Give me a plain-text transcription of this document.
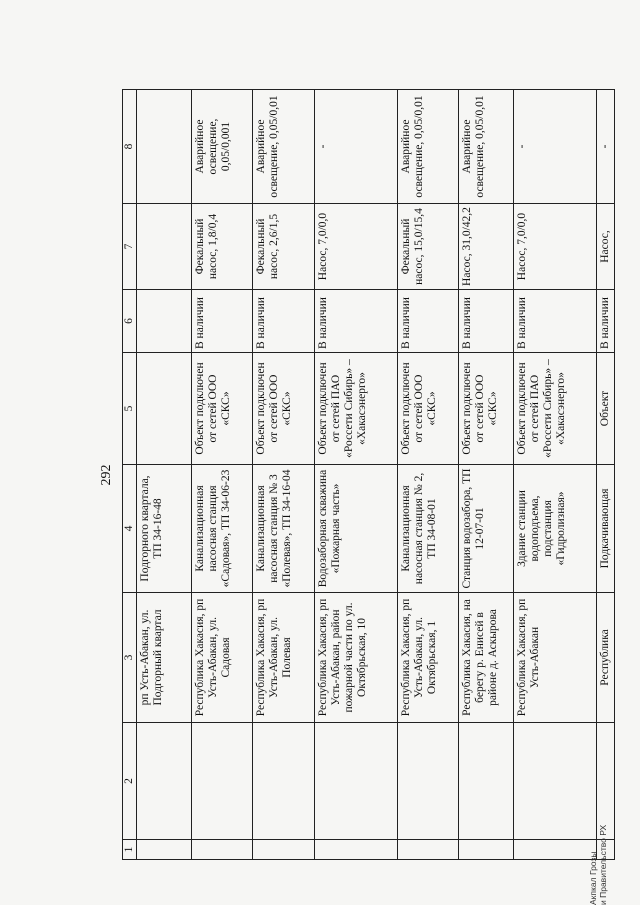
292
1	2	3	4	5	6	7	8
		рп Усть-Абакан, ул. Подгорный квартал	Подгорного квартала, ТП 34-16-48				
		Республика Хакасия, рп Усть-Абакан, ул. Садовая	Канализационная насосная станция «Садовая», ТП 34-06-23	Объект подключен от сетей ООО «СКС»	В наличии	Фекальный насос, 1,8/0,4	Аварийное освещение, 0,05/0,001
		Республика Хакасия, рп Усть-Абакан, ул. Полевая	Канализационная насосная станция № 3 «Полевая», ТП 34-16-04	Объект подключен от сетей ООО «СКС»	В наличии	Фекальный насос, 2,6/1,5	Аварийное освещение, 0,05/0,01
		Республика Хакасия, рп Усть-Абакан, район пожарной части по ул. Октябрьская, 10	Водозаборная скважина «Пожарная часть»	Объект подключен от сетей ПАО «Россети Сибирь» – «Хакасэнерго»	В наличии	Насос, 7,0/0,0	-
		Республика Хакасия, рп Усть-Абакан, ул. Октябрьская, 1	Канализационная насосная станция № 2, ТП 34-08-01	Объект подключен от сетей ООО «СКС»	В наличии	Фекальный насос, 15,0/15,4	Аварийное освещение, 0,05/0,01
		Республика Хакасия, на берегу р. Енисей в районе д. Аскырова	Станция водозабора, ТП 12-07-01	Объект подключен от сетей ООО «СКС»	В наличии	Насос, 31,0/42,2	Аварийное освещение, 0,05/0,01
		Республика Хакасия, рп Усть-Абакан	Здание станции водоподъема, подстанция «Гидролизная»	Объект подключен от сетей ПАО «Россети Сибирь» – «Хакасэнерго»	В наличии	Насос, 7,0/0,0	-
		Республика	Подкачивающая	Объект	В наличии	Насос,	-
Акпкал Грозы и Правительство РХ
